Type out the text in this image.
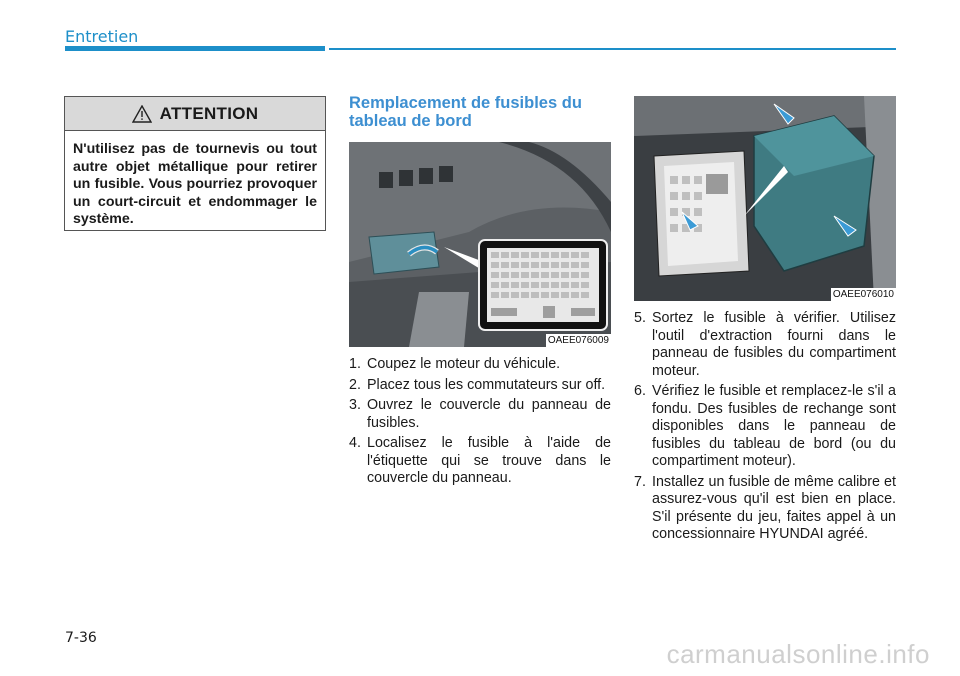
Entretien
ATTENTION
N'utilisez pas de tournevis ou tout autre objet métallique pour retirer un fusible. Vous pourriez provoquer un court-circuit et endommager le système.
Remplacement de fusibles du tableau de bord
OAEE076009
1. Coupez le moteur du véhicule.
2. Placez tous les commutateurs sur off.
3. Ouvrez le couvercle du panneau de fusibles.
4. Localisez le fusible à l'aide de l'étiquette qui se trouve dans le couvercle du panneau.
OAEE076010
5. Sortez le fusible à vérifier. Utilisez l'outil d'extraction fourni dans le panneau de fusibles du compartiment moteur.
6. Vérifiez le fusible et remplacez-le s'il a fondu. Des fusibles de rechange sont disponibles dans le panneau de fusibles du tableau de bord (ou du compartiment moteur).
7. Installez un fusible de même calibre et assurez-vous qu'il est bien en place. S'il présente du jeu, faites appel à un concessionnaire HYUNDAI agréé.
7-36
carmanualsonline.info
